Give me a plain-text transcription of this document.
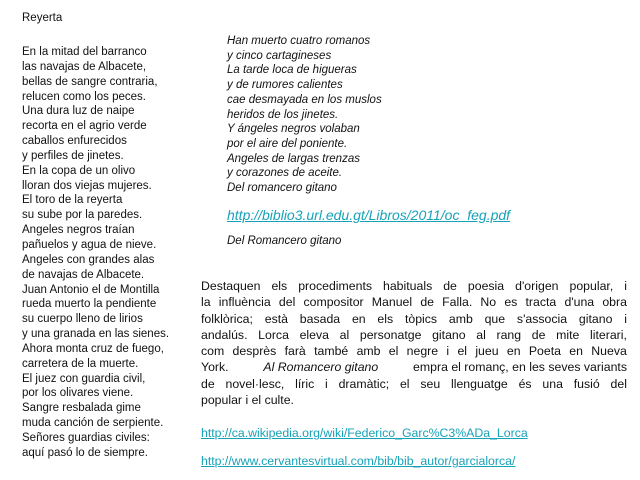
Reyerta
En la mitad del barranco
las navajas de Albacete,
bellas de sangre contraria,
relucen como los peces.
Una dura luz de naipe
recorta en el agrio verde
caballos enfurecidos
y perfiles de jinetes.
En la copa de un olivo
lloran dos viejas mujeres.
El toro de la reyerta
su sube por la paredes.
Angeles negros traían
pañuelos y agua de nieve.
Angeles con grandes alas
de navajas de Albacete.
Juan Antonio el de Montilla
rueda muerto la pendiente
su cuerpo lleno de lirios
y una granada en las sienes.
Ahora monta cruz de fuego,
carretera de la muerte.
El juez con guardia civil,
por los olivares viene.
Sangre resbalada gime
muda canción de serpiente.
Señores guardias civiles:
aquí pasó lo de siempre.
Han muerto cuatro romanos
y cinco cartagineses
La tarde loca de higueras
y de rumores calientes
cae desmayada en los muslos
heridos de los jinetes.
Y ángeles negros volaban
por el aire del poniente.
Angeles de largas trenzas
y corazones de aceite.
Del romancero gitano
http://biblio3.url.edu.gt/Libros/2011/oc_feg.pdf
Del Romancero gitano
Destaquen els procediments habituals de poesia d'origen popular, i
la influència del compositor Manuel de Falla. No es tracta d'una obra
folklòrica; està basada en els tòpics amb que s'associa gitano i
andalús. Lorca eleva al personatge gitano al rang de mite literari,
com desprès farà també amb el negre i el jueu en Poeta en Nueva
York.	Al Romancero gitano	empra el romanç, en les seves variants
de novel·lesc, líric i dramàtic; el seu llenguatge és una fusió del
popular i el culte.
http://ca.wikipedia.org/wiki/Federico_Garc%C3%ADa_Lorca
http://www.cervantesvirtual.com/bib/bib_autor/garcialorca/
